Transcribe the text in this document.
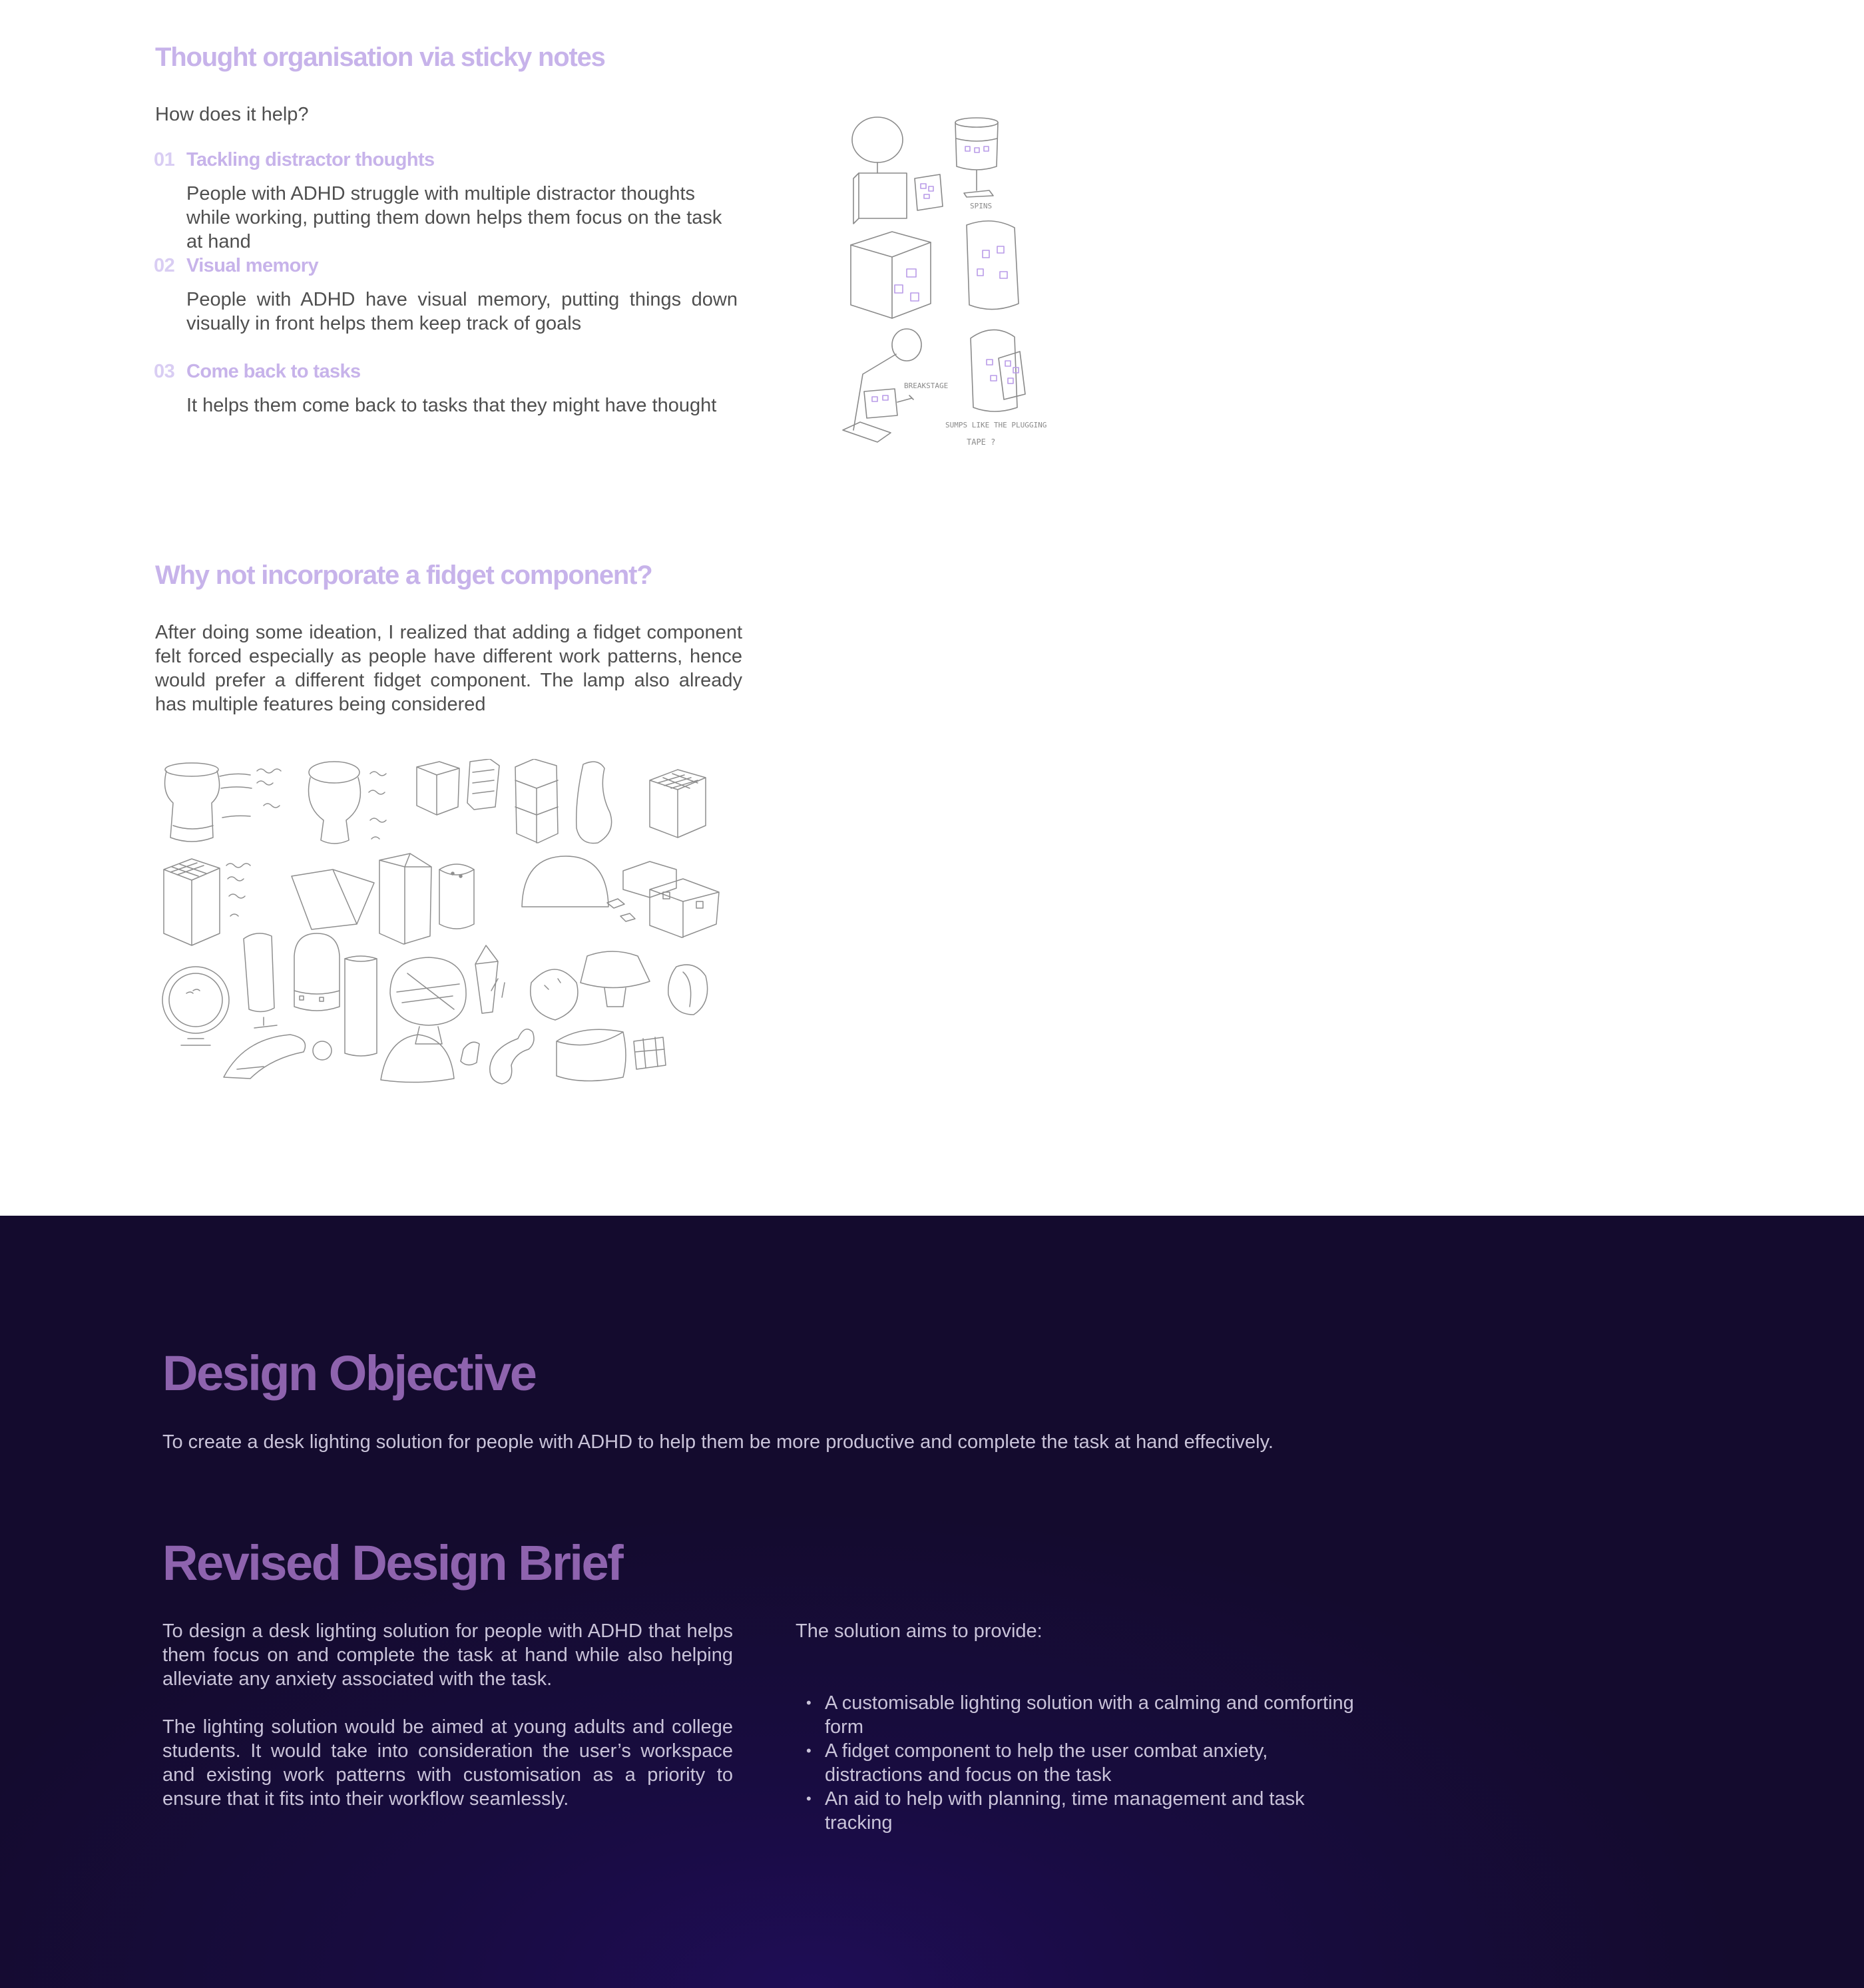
Thought organisation via sticky notes

How does it help?

01 Tackling distractor thoughts

People with ADHD struggle with multiple distractor thoughts while working, putting them down helps them focus on the task at hand

02 Visual memory

People with ADHD have visual memory, putting things down visually in front helps them keep track of goals

03 Come back to tasks

It helps them come back to tasks that they might have thought

SPINS
BREAKSTAGE
SUMPS LIKE THE PLUGGING
TAPE ?
Why not incorporate a fidget component?

After doing some ideation, I realized that adding a fidget component felt forced especially as people have different work patterns, hence would prefer a different fidget component. The lamp also already has multiple features being considered

Design Objective

To create a desk lighting solution for people with ADHD to help them be more productive and complete the task at hand effectively.

Revised Design Brief

To design a desk lighting solution for people with ADHD that helps them focus on and complete the task at hand while also helping alleviate any anxiety associated with the task.

The lighting solution would be aimed at young adults and college students. It would take into consideration the user’s workspace and existing work patterns with customisation as a priority to ensure that it fits into their workflow seamlessly.

The solution aims to provide:

• A customisable lighting solution with a calming and comforting form
• A fidget component to help the user combat anxiety, distractions and focus on the task
• An aid to help with planning, time management and task tracking
